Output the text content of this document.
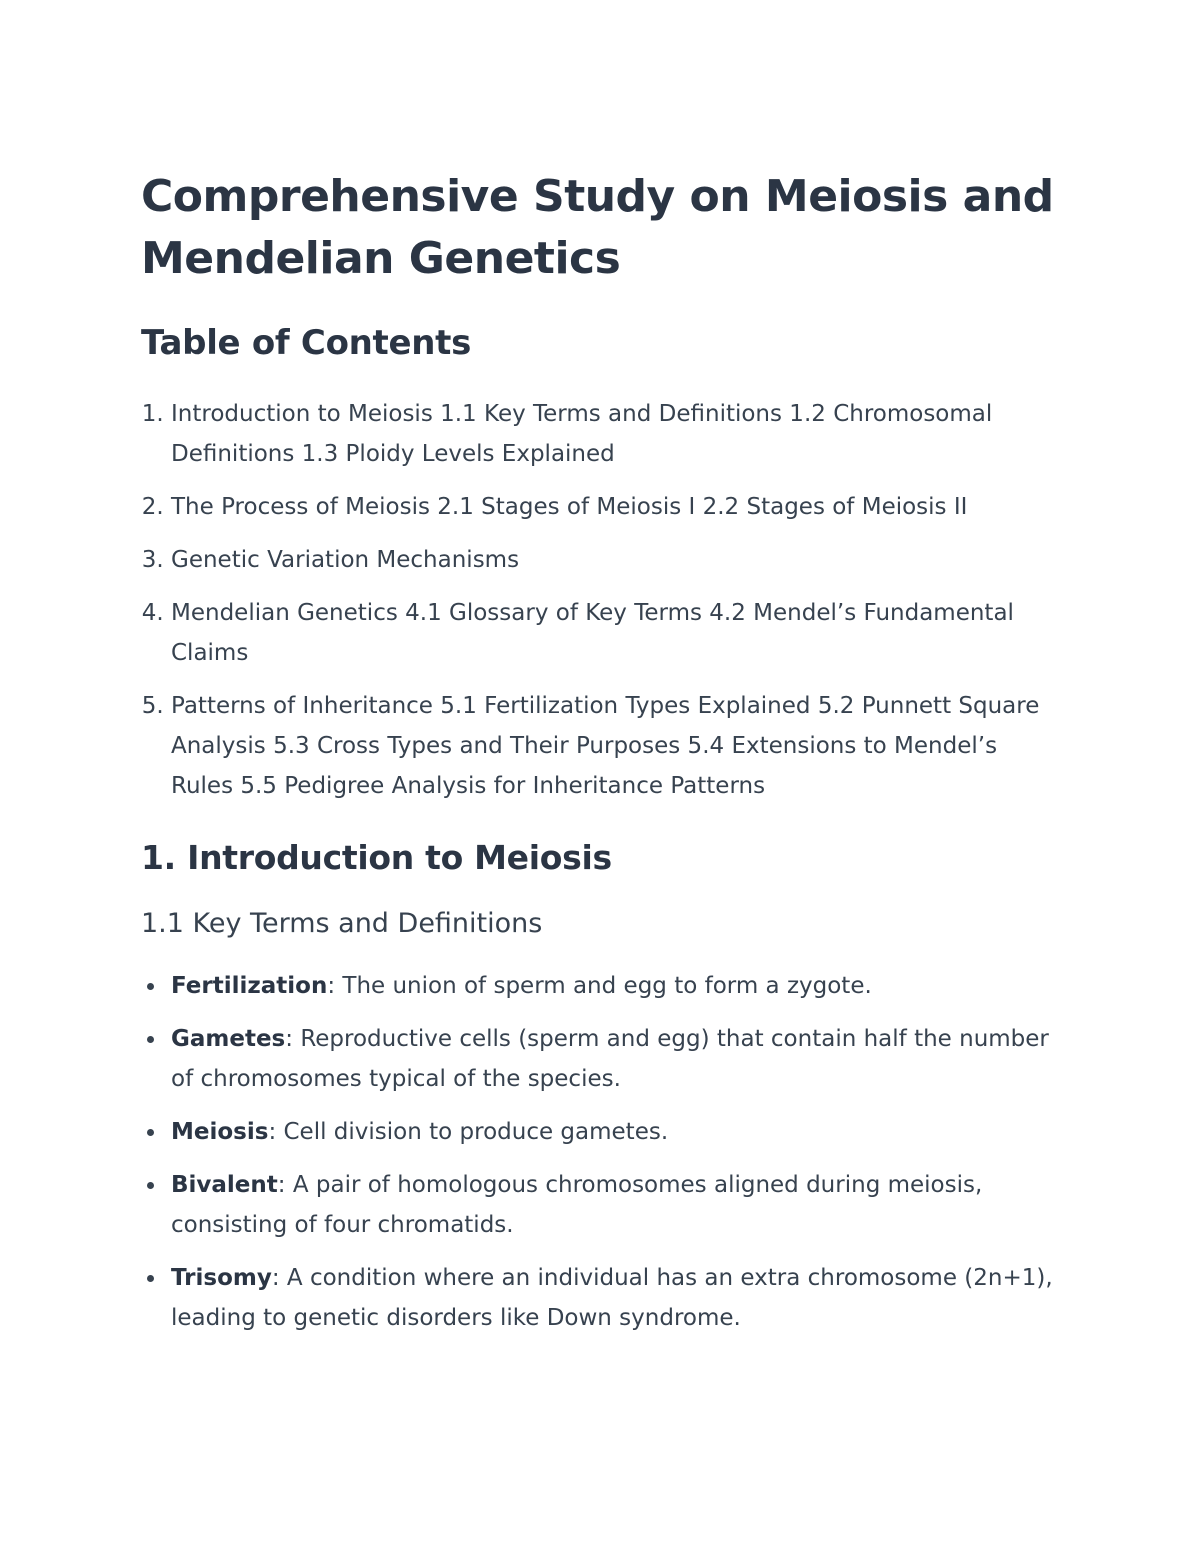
Comprehensive Study on Meiosis and Mendelian Genetics
Table of Contents
1. Introduction to Meiosis 1.1 Key Terms and Definitions 1.2 Chromosomal Definitions 1.3 Ploidy Levels Explained
2. The Process of Meiosis 2.1 Stages of Meiosis I 2.2 Stages of Meiosis II
3. Genetic Variation Mechanisms
4. Mendelian Genetics 4.1 Glossary of Key Terms 4.2 Mendel’s Fundamental Claims
5. Patterns of Inheritance 5.1 Fertilization Types Explained 5.2 Punnett Square Analysis 5.3 Cross Types and Their Purposes 5.4 Extensions to Mendel’s Rules 5.5 Pedigree Analysis for Inheritance Patterns
1. Introduction to Meiosis
1.1 Key Terms and Definitions
Fertilization: The union of sperm and egg to form a zygote.
Gametes: Reproductive cells (sperm and egg) that contain half the number of chromosomes typical of the species.
Meiosis: Cell division to produce gametes.
Bivalent: A pair of homologous chromosomes aligned during meiosis, consisting of four chromatids.
Trisomy: A condition where an individual has an extra chromosome (2n+1), leading to genetic disorders like Down syndrome.
